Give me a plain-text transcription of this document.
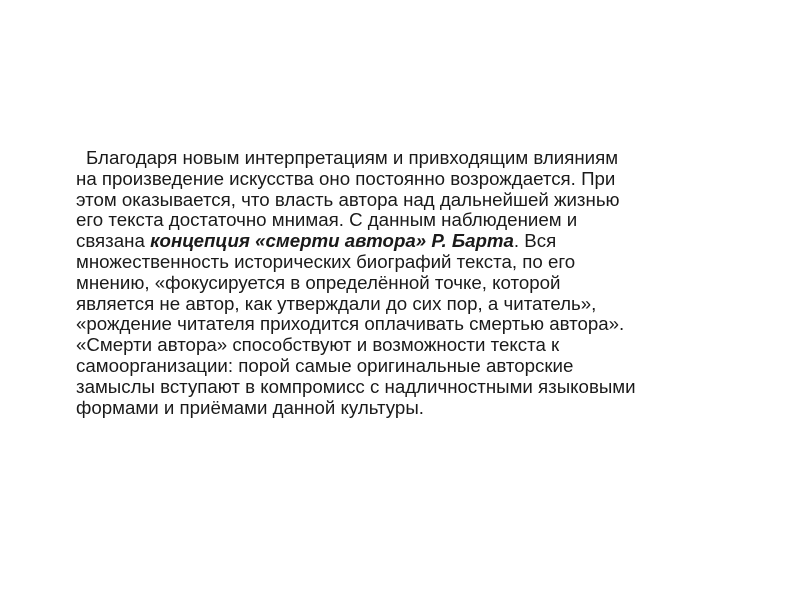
Благодаря новым интерпретациям и привходящим влияниям
на произведение искусства оно постоянно возрождается. При
этом оказывается, что власть автора над дальнейшей жизнью
его текста достаточно мнимая. С данным наблюдением и
связана концепция «смерти автора» Р. Барта. Вся
множественность исторических биографий текста, по его
мнению, «фокусируется в определённой точке, которой
является не автор, как утверждали до сих пор, а читатель»,
«рождение читателя приходится оплачивать смертью автора».
«Смерти автора» способствуют и возможности текста к
самоорганизации: порой самые оригинальные авторские
замыслы вступают в компромисс с надличностными языковыми
формами и приёмами данной культуры.
